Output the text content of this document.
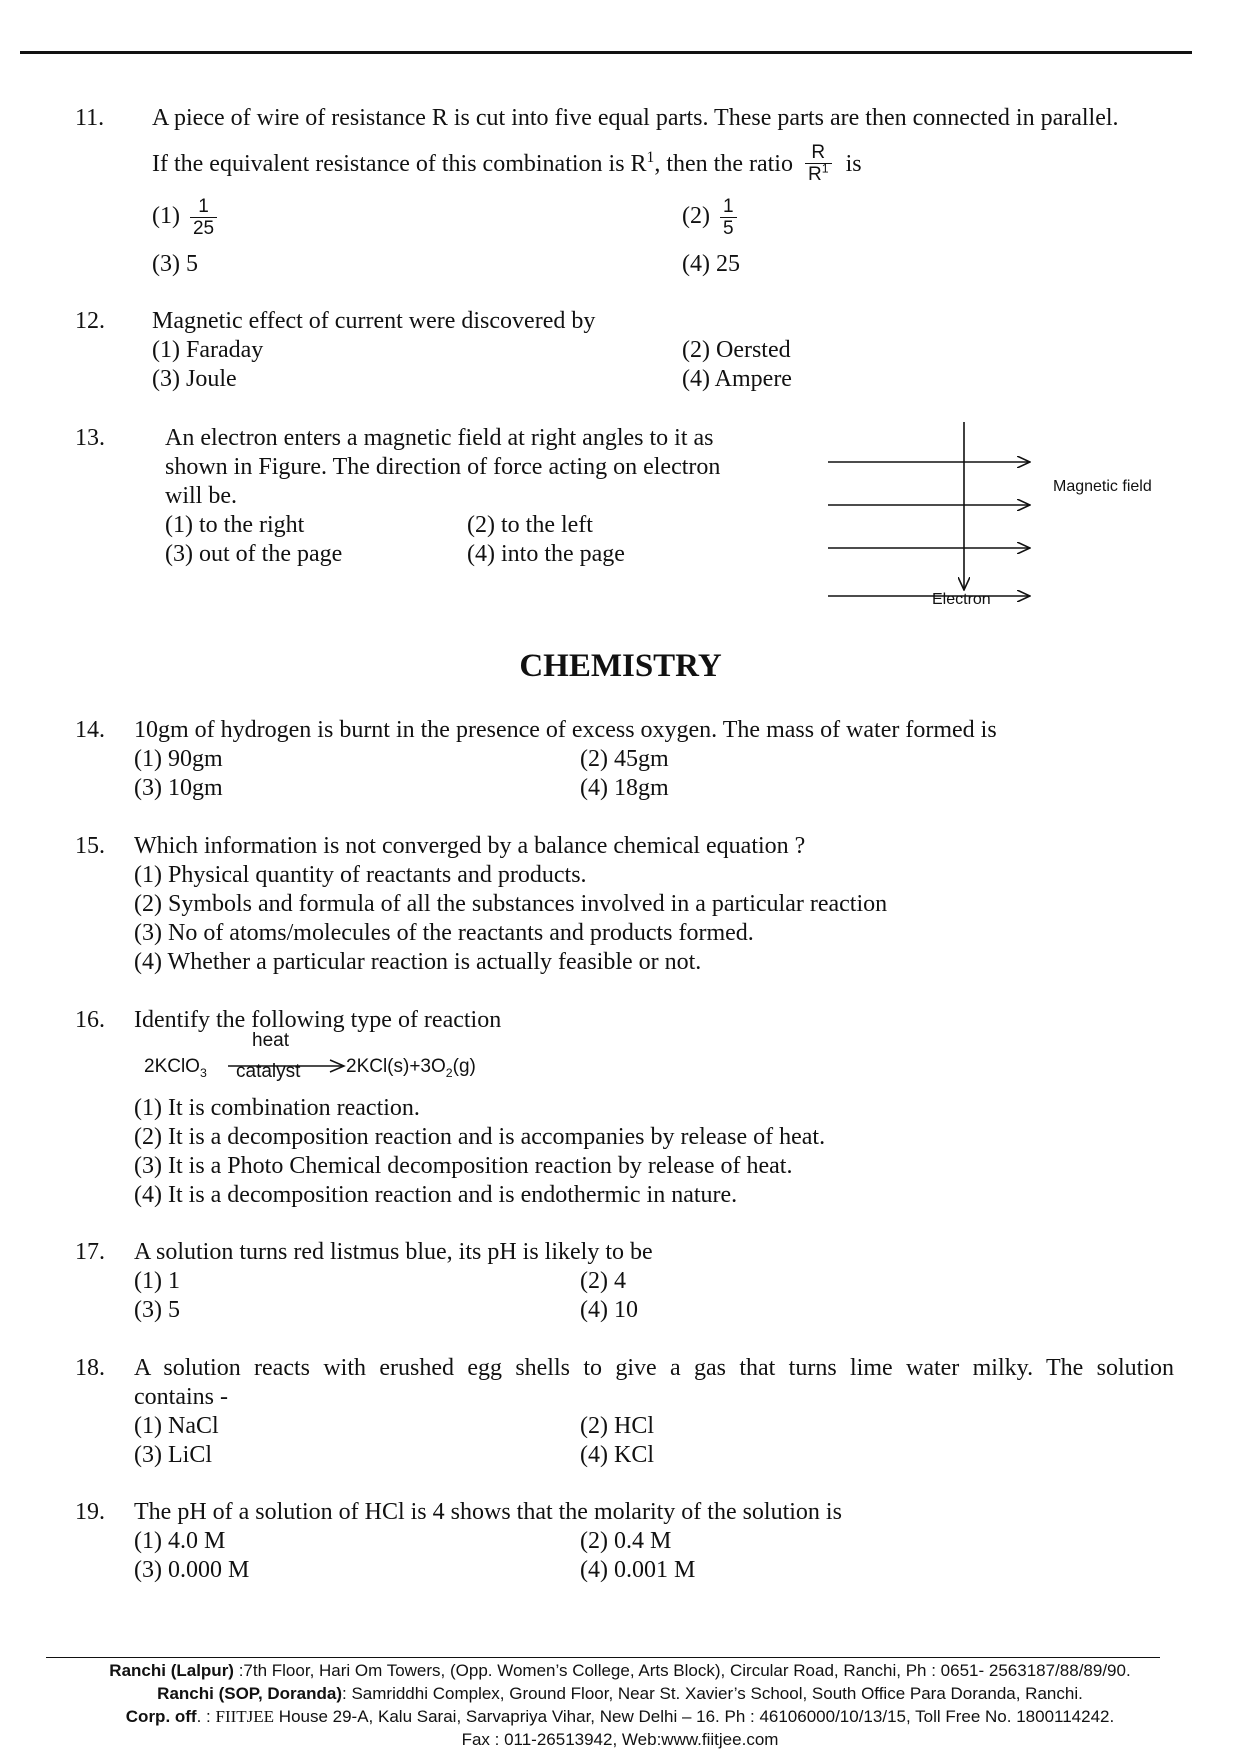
11.	A piece of wire of resistance R is cut into five equal parts. These parts are then connected in parallel.
If the equivalent resistance of this combination is $R^1$, then the ratio $\frac{R}{R^1}$ is
$(1) \frac{1}{25}$	$(2) \frac{1}{5}$
(3) 5	(4) 25
12.	Magnetic effect of current were discovered by
(1) Faraday	(2) Oersted
(3) Joule	(4) Ampere
13.	An electron enters a magnetic field at right angles to it as
shown in Figure. The direction of force acting on electron
will be.
(1) to the right	(2) to the left
(3) out of the page	(4) into the page
Magnetic field
Electron
CHEMISTRY
14.	10gm of hydrogen is burnt in the presence of excess oxygen. The mass of water formed is
(1) 90gm	(2) 45gm
(3) 10gm	(4) 18gm
15.	Which information is not converged by a balance chemical equation ?
(1) Physical quantity of reactants and products.
(2) Symbols and formula of all the substances involved in a particular reaction
(3) No of atoms/molecules of the reactants and products formed.
(4) Whether a particular reaction is actually feasible or not.
16.	Identify the following type of reaction
2KClO$_3$
heat
catalyst $2KCl(s)+3O_2(g)$
(1) It is combination reaction.
(2) It is a decomposition reaction and is accompanies by release of heat.
(3) It is a Photo Chemical decomposition reaction by release of heat.
(4) It is a decomposition reaction and is endothermic in nature.
17.	A solution turns red listmus blue, its pH is likely to be
(1) 1	(2) 4
(3) 5	(4) 10
18.	A solution reacts with erushed egg shells to give a gas that turns lime water milky. The solution
contains -
(1) NaCl	(2) HCl
(3) LiCl	(4) KCl
19.	The pH of a solution of HCl is 4 shows that the molarity of the solution is
(1) 4.0 M	(2) 0.4 M
(3) 0.000 M	(4) 0.001 M
Ranchi (Lalpur) :7th Floor, Hari Om Towers, (Opp. Women’s College, Arts Block), Circular Road, Ranchi, Ph : 0651- 2563187/88/89/90.
Ranchi (SOP, Doranda): Samriddhi Complex, Ground Floor, Near St. Xavier’s School, South Office Para Doranda, Ranchi.
Corp. off. : FIITJEE House 29-A, Kalu Sarai, Sarvapriya Vihar, New Delhi – 16. Ph : 46106000/10/13/15, Toll Free No. 1800114242.
Fax : 011-26513942, Web:www.fiitjee.com
